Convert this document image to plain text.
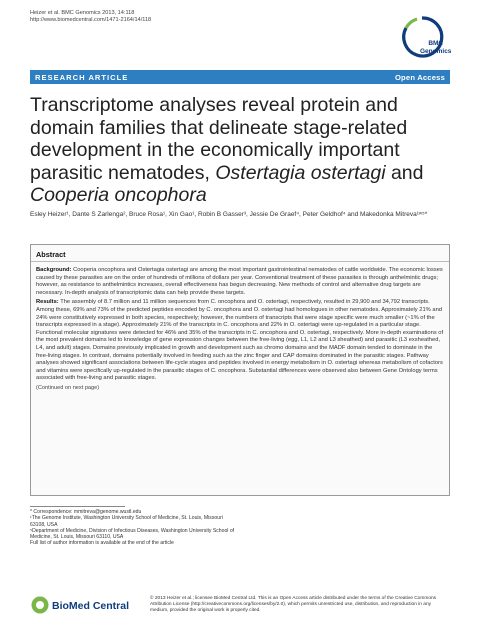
Heizer et al. BMC Genomics 2013, 14:118
http://www.biomedcentral.com/1471-2164/14/118
BMC
Genomics
RESEARCH ARTICLE	Open Access
Transcriptome analyses reveal protein and domain families that delineate stage-related development in the economically important parasitic nematodes, Ostertagia ostertagi and Cooperia oncophora
Esley Heizer¹, Dante S Zarlenga², Bruce Rosa¹, Xin Gao¹, Robin B Gasser³, Jessie De Graef⁴, Peter Geldhof⁴ and Makedonka Mitreva¹ʷ⁵*
Abstract

Background: Cooperia oncophora and Ostertagia ostertagi are among the most important gastrointestinal nematodes of cattle worldwide. The economic losses caused by these parasites are on the order of hundreds of millions of dollars per year. Conventional treatment of these parasites is through anthelmintic drugs; however, as resistance to anthelmintics increases, overall effectiveness has begun decreasing. New methods of control and alternative drug targets are necessary. In-depth analysis of transcriptomic data can help provide these targets.

Results: The assembly of 8.7 million and 11 million sequences from C. oncophora and O. ostertagi, respectively, resulted in 29,900 and 34,792 transcripts. Among these, 69% and 73% of the predicted peptides encoded by C. oncophora and O. ostertagi had homologues in other nematodes. Approximately 21% and 24% were constitutively expressed in both species, respectively; however, the numbers of transcripts that were stage specific were much smaller (~1% of the transcripts expressed in a stage). Approximately 21% of the transcripts in C. oncophora and 22% in O. ostertagi were up-regulated in a particular stage. Functional molecular signatures were detected for 46% and 35% of the transcripts in C. oncophora and O. ostertagi, respectively. More in-depth examinations of the most prevalent domains led to knowledge of gene expression changes between the free-living (egg, L1, L2 and L3 sheathed) and parasitic (L3 exsheathed, L4, and adult) stages. Domains previously implicated in growth and development such as chromo domains and the MADF domain tended to dominate in the free-living stages. In contrast, domains potentially involved in feeding such as the zinc finger and CAP domains dominated in the parasitic stages. Pathway analyses showed significant associations between life-cycle stages and peptides involved in energy metabolism in O. ostertagi whereas metabolism of cofactors and vitamins were specifically up-regulated in the parasitic stages of C. oncophora. Substantial differences were observed also between Gene Ontology terms associated with free-living and parasitic stages.

(Continued on next page)

* Correspondence: mmitreva@genome.wustl.edu
¹The Genome Institute, Washington University School of Medicine, St. Louis, Missouri 63108, USA
⁵Department of Medicine, Division of Infectious Diseases, Washington University School of Medicine, St. Louis, Missouri 63110, USA
Full list of author information is available at the end of the article
BioMed Central
© 2013 Heizer et al.; licensee BioMed Central Ltd. This is an Open Access article distributed under the terms of the Creative Commons Attribution License (http://creativecommons.org/licenses/by/2.0), which permits unrestricted use, distribution, and reproduction in any medium, provided the original work is properly cited.
